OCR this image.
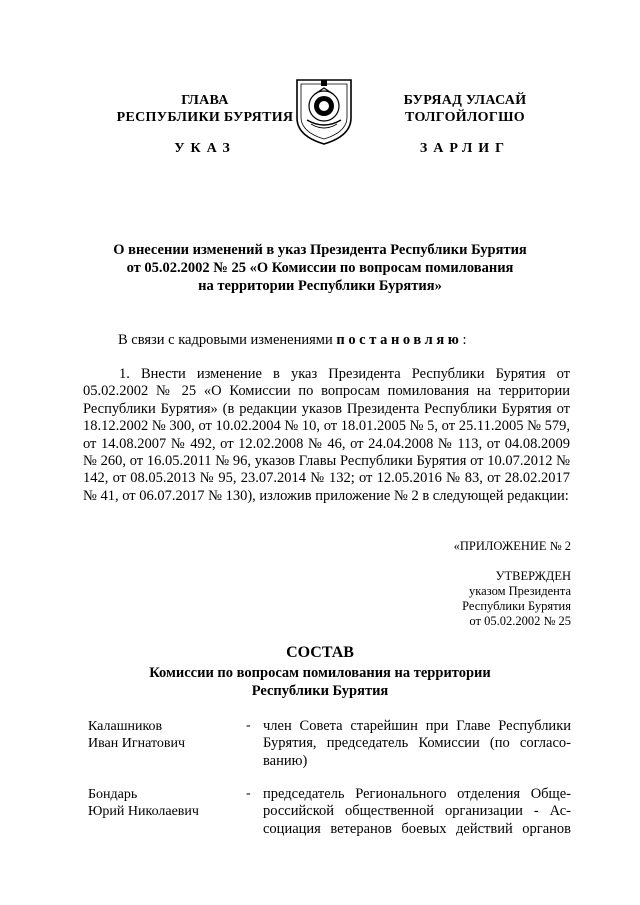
ГЛАВА
РЕСПУБЛИКИ БУРЯТИЯ
УКАЗ
БУРЯАД УЛАСАЙ
ТОЛГОЙЛОГШО
ЗАРЛИГ
О внесении изменений в указ Президента Республики Бурятия
от 05.02.2002 № 25 «О Комиссии по вопросам помилования
на территории Республики Бурятия»
В связи с кадровыми изменениями постановляю:
1. Внести изменение в указ Президента Республики Бурятия от 05.02.2002 № 25 «О Комиссии по вопросам помилования на территории Республики Бурятия» (в редакции указов Президента Республики Бурятия от 18.12.2002 № 300, от 10.02.2004 № 10, от 18.01.2005 № 5, от 25.11.2005 № 579, от 14.08.2007 № 492, от 12.02.2008 № 46, от 24.04.2008 № 113, от 04.08.2009 № 260, от 16.05.2011 № 96, указов Главы Республики Бурятия от 10.07.2012 № 142, от 08.05.2013 № 95, 23.07.2014 № 132; от 12.05.2016 № 83, от 28.02.2017 № 41, от 06.07.2017 № 130), изложив приложение № 2 в следующей редакции:
«ПРИЛОЖЕНИЕ № 2
УТВЕРЖДЕН
указом Президента
Республики Бурятия
от 05.02.2002 № 25
СОСТАВ
Комиссии по вопросам помилования на территории
Республики Бурятия
Калашников
Иван Игнатович
- член Совета старейшин при Главе Республики
Бурятия, председатель Комиссии (по согласо-
ванию)
Бондарь
Юрий Николаевич
- председатель Регионального отделения Обще-
российской общественной организации - Ас-
социация ветеранов боевых действий органов
